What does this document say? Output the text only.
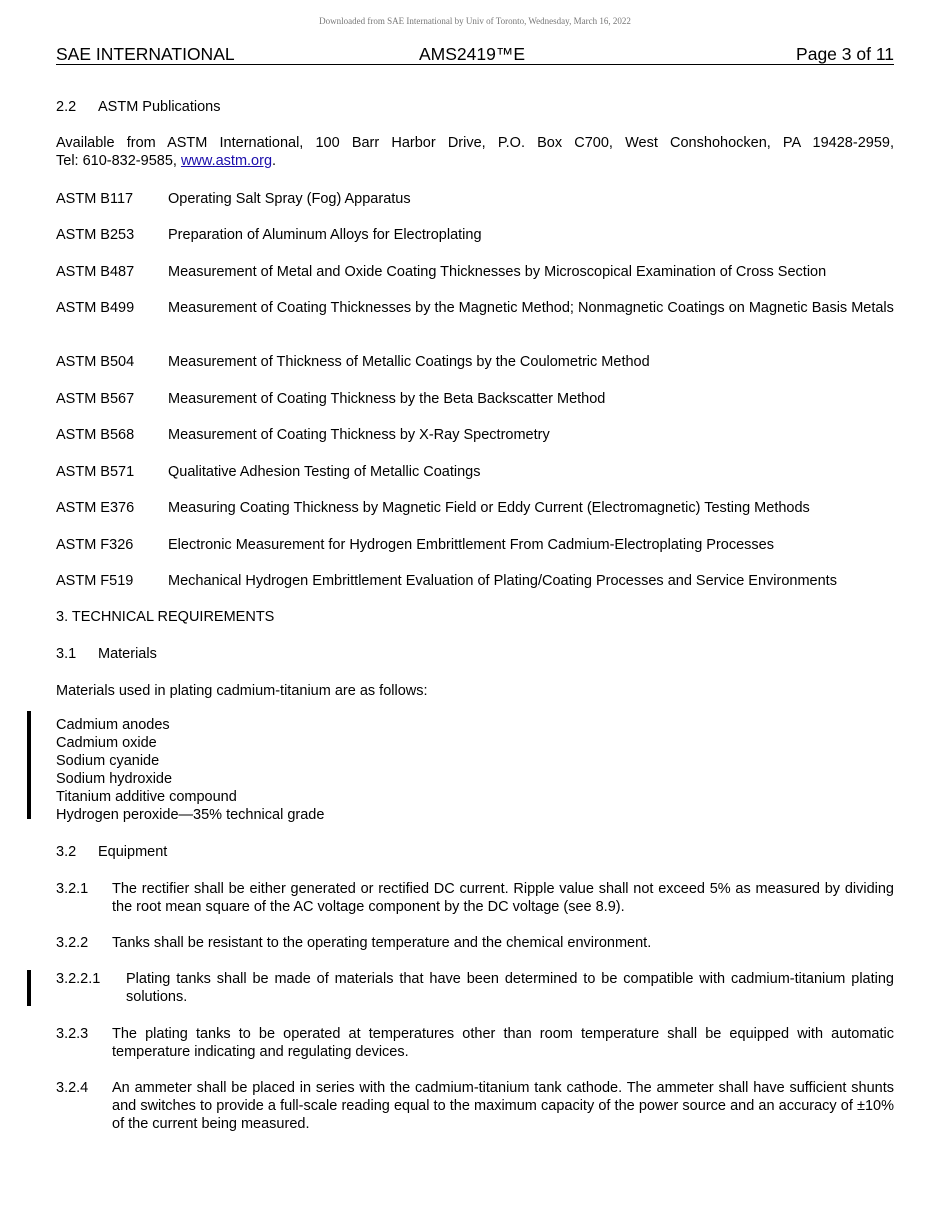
Downloaded from SAE International by Univ of Toronto, Wednesday, March 16, 2022
SAE INTERNATIONAL	AMS2419™E	Page 3 of 11
2.2 ASTM Publications
Available from ASTM International, 100 Barr Harbor Drive, P.O. Box C700, West Conshohocken, PA 19428-2959,
Tel: 610-832-9585, www.astm.org.
ASTM B117 Operating Salt Spray (Fog) Apparatus
ASTM B253 Preparation of Aluminum Alloys for Electroplating
ASTM B487 Measurement of Metal and Oxide Coating Thicknesses by Microscopical Examination of Cross Section
ASTM B499 Measurement of Coating Thicknesses by the Magnetic Method; Nonmagnetic Coatings on Magnetic Basis Metals
ASTM B504 Measurement of Thickness of Metallic Coatings by the Coulometric Method
ASTM B567 Measurement of Coating Thickness by the Beta Backscatter Method
ASTM B568 Measurement of Coating Thickness by X-Ray Spectrometry
ASTM B571 Qualitative Adhesion Testing of Metallic Coatings
ASTM E376 Measuring Coating Thickness by Magnetic Field or Eddy Current (Electromagnetic) Testing Methods
ASTM F326 Electronic Measurement for Hydrogen Embrittlement From Cadmium-Electroplating Processes
ASTM F519 Mechanical Hydrogen Embrittlement Evaluation of Plating/Coating Processes and Service Environments
3. TECHNICAL REQUIREMENTS
3.1 Materials
Materials used in plating cadmium-titanium are as follows:
Cadmium anodes
Cadmium oxide
Sodium cyanide
Sodium hydroxide
Titanium additive compound
Hydrogen peroxide—35% technical grade
3.2 Equipment
3.2.1 The rectifier shall be either generated or rectified DC current. Ripple value shall not exceed 5% as measured by dividing the root mean square of the AC voltage component by the DC voltage (see 8.9).
3.2.2 Tanks shall be resistant to the operating temperature and the chemical environment.
3.2.2.1 Plating tanks shall be made of materials that have been determined to be compatible with cadmium-titanium plating solutions.
3.2.3 The plating tanks to be operated at temperatures other than room temperature shall be equipped with automatic temperature indicating and regulating devices.
3.2.4 An ammeter shall be placed in series with the cadmium-titanium tank cathode. The ammeter shall have sufficient shunts and switches to provide a full-scale reading equal to the maximum capacity of the power source and an accuracy of ±10% of the current being measured.
